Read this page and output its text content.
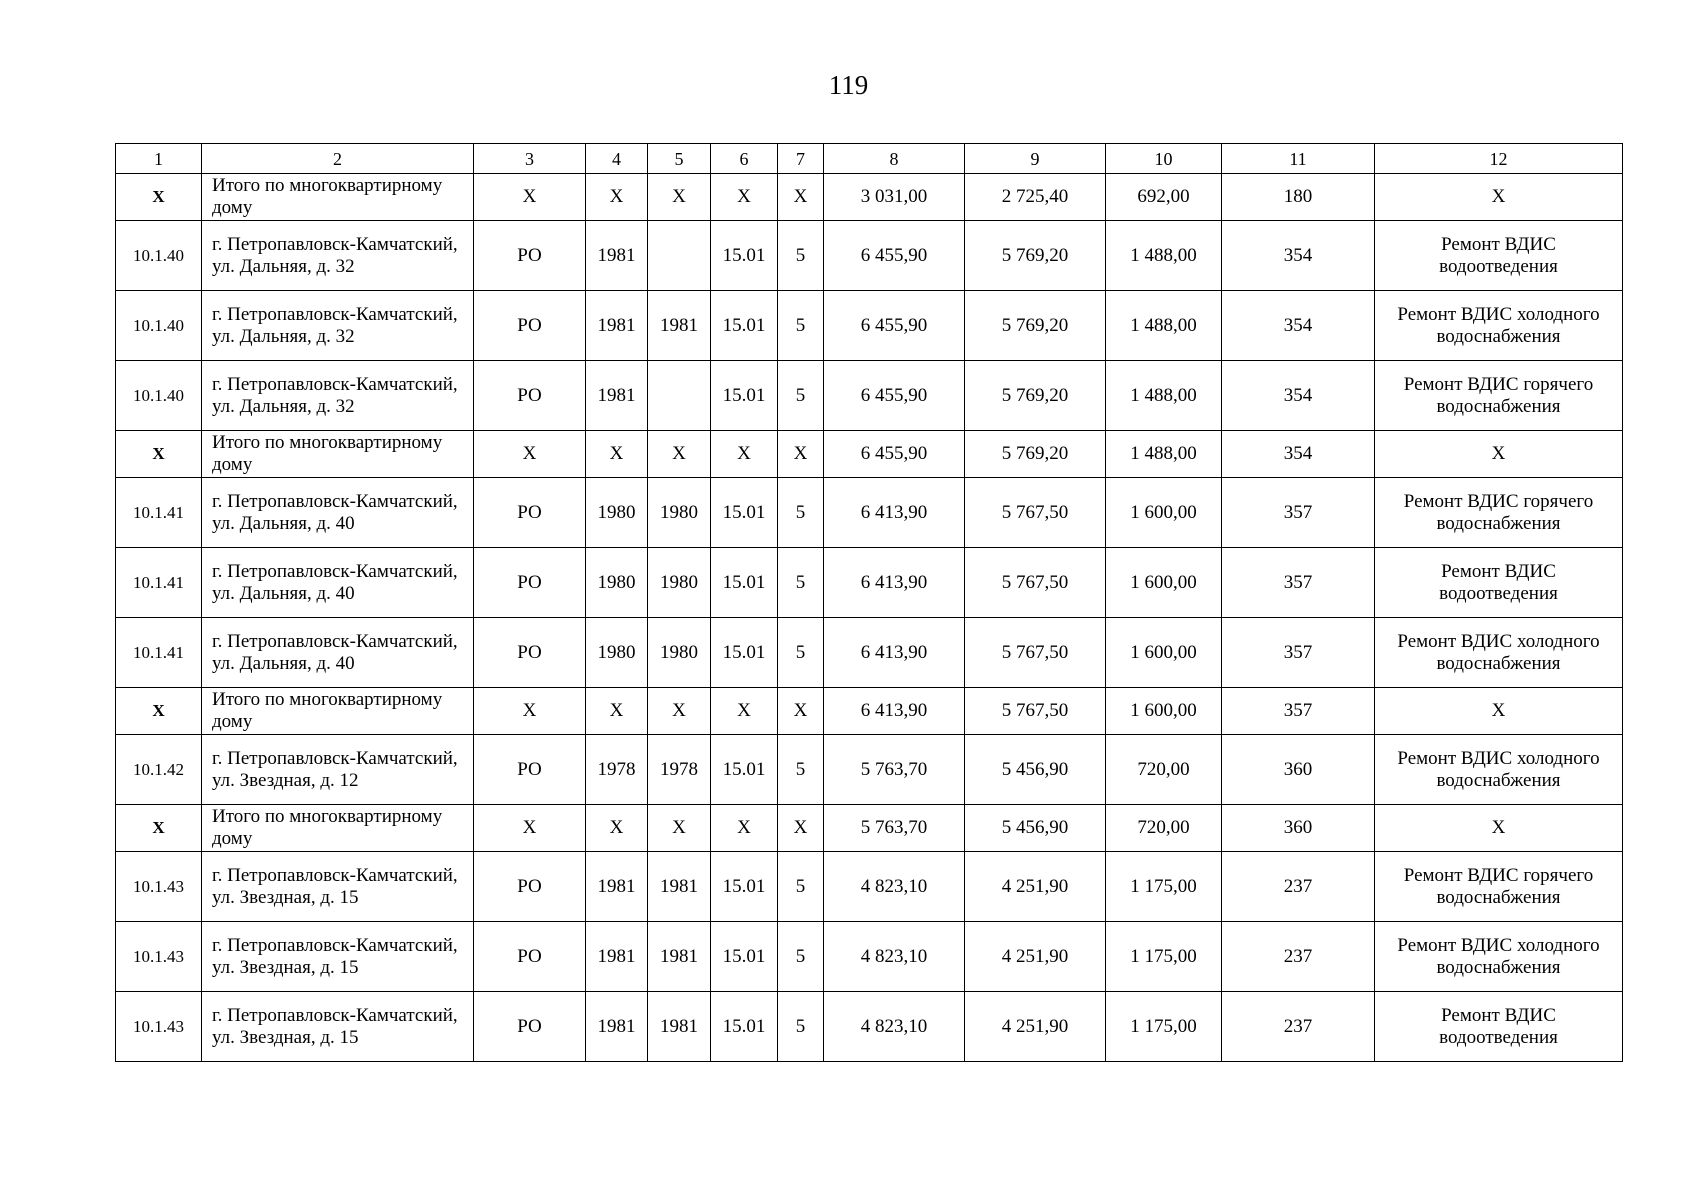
119
1	2	3	4	5	6	7	8	9	10	11	12
X	Итого по многоквартирному дому	X	X	X	X	X	3 031,00	2 725,40	692,00	180	X
10.1.40	г. Петропавловск-Камчатский, ул. Дальняя, д. 32	РО	1981		15.01	5	6 455,90	5 769,20	1 488,00	354	Ремонт ВДИС водоотведения
10.1.40	г. Петропавловск-Камчатский, ул. Дальняя, д. 32	РО	1981	1981	15.01	5	6 455,90	5 769,20	1 488,00	354	Ремонт ВДИС холодного водоснабжения
10.1.40	г. Петропавловск-Камчатский, ул. Дальняя, д. 32	РО	1981		15.01	5	6 455,90	5 769,20	1 488,00	354	Ремонт ВДИС горячего водоснабжения
X	Итого по многоквартирному дому	X	X	X	X	X	6 455,90	5 769,20	1 488,00	354	X
10.1.41	г. Петропавловск-Камчатский, ул. Дальняя, д. 40	РО	1980	1980	15.01	5	6 413,90	5 767,50	1 600,00	357	Ремонт ВДИС горячего водоснабжения
10.1.41	г. Петропавловск-Камчатский, ул. Дальняя, д. 40	РО	1980	1980	15.01	5	6 413,90	5 767,50	1 600,00	357	Ремонт ВДИС водоотведения
10.1.41	г. Петропавловск-Камчатский, ул. Дальняя, д. 40	РО	1980	1980	15.01	5	6 413,90	5 767,50	1 600,00	357	Ремонт ВДИС холодного водоснабжения
X	Итого по многоквартирному дому	X	X	X	X	X	6 413,90	5 767,50	1 600,00	357	X
10.1.42	г. Петропавловск-Камчатский, ул. Звездная, д. 12	РО	1978	1978	15.01	5	5 763,70	5 456,90	720,00	360	Ремонт ВДИС холодного водоснабжения
X	Итого по многоквартирному дому	X	X	X	X	X	5 763,70	5 456,90	720,00	360	X
10.1.43	г. Петропавловск-Камчатский, ул. Звездная, д. 15	РО	1981	1981	15.01	5	4 823,10	4 251,90	1 175,00	237	Ремонт ВДИС горячего водоснабжения
10.1.43	г. Петропавловск-Камчатский, ул. Звездная, д. 15	РО	1981	1981	15.01	5	4 823,10	4 251,90	1 175,00	237	Ремонт ВДИС холодного водоснабжения
10.1.43	г. Петропавловск-Камчатский, ул. Звездная, д. 15	РО	1981	1981	15.01	5	4 823,10	4 251,90	1 175,00	237	Ремонт ВДИС водоотведения
